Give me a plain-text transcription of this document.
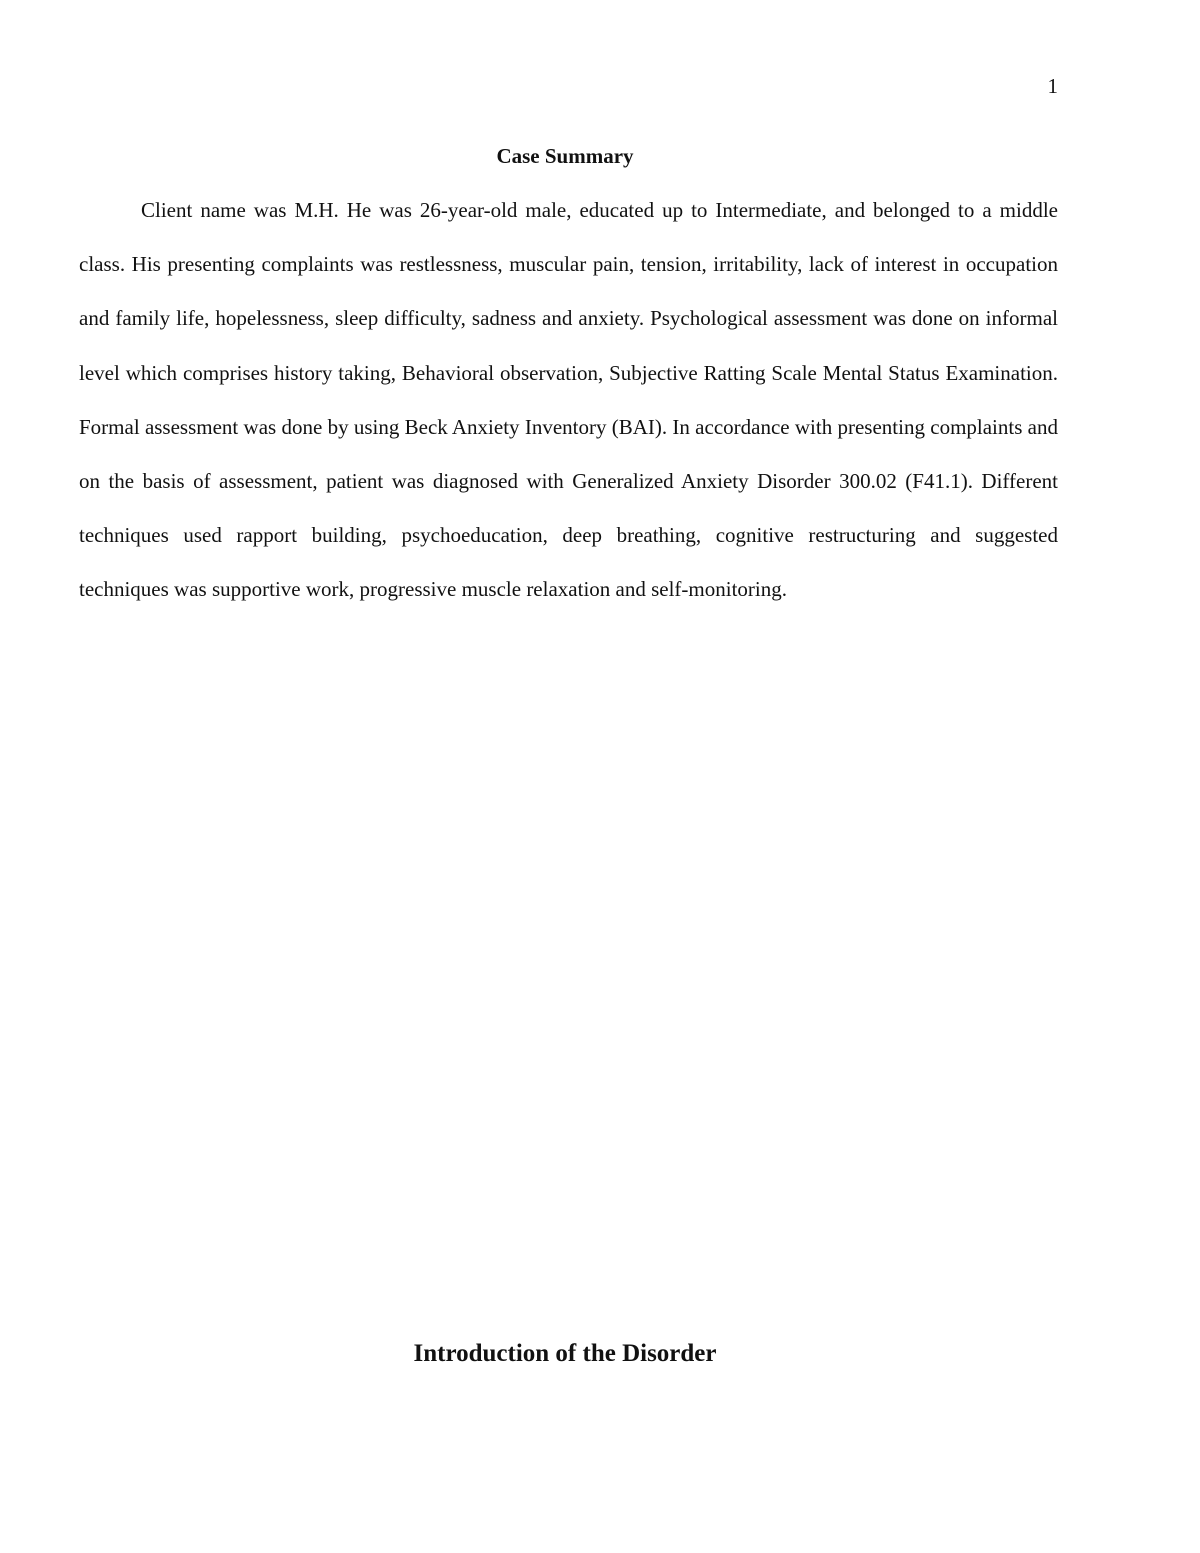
1
Case Summary

Client name was M.H. He was 26-year-old male, educated up to Intermediate, and belonged to a middle class. His presenting complaints was restlessness, muscular pain, tension, irritability, lack of interest in occupation and family life, hopelessness, sleep difficulty, sadness and anxiety. Psychological assessment was done on informal level which comprises history taking, Behavioral observation, Subjective Ratting Scale Mental Status Examination. Formal assessment was done by using Beck Anxiety Inventory (BAI). In accordance with presenting complaints and on the basis of assessment, patient was diagnosed with Generalized Anxiety Disorder 300.02 (F41.1). Different techniques used rapport building, psychoeducation, deep breathing, cognitive restructuring and suggested techniques was supportive work, progressive muscle relaxation and self-monitoring.

Introduction of the Disorder
